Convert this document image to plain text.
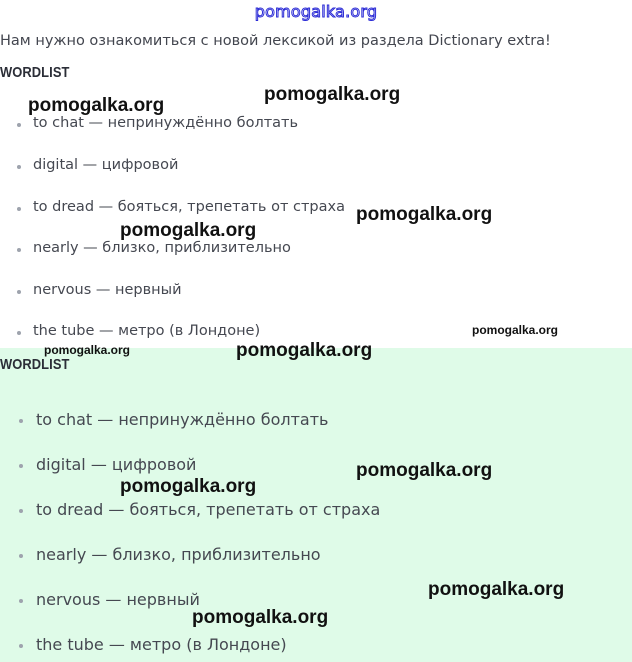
pomogalka.org
Нам нужно ознакомиться с новой лексикой из раздела Dictionary extra!
WORDLIST
to chat — непринуждённо болтать
digital — цифровой
to dread — бояться, трепетать от страха
nearly — близко, приблизительно
nervous — нервный
the tube — метро (в Лондоне)
WORDLIST
to chat — непринуждённо болтать
digital — цифровой
to dread — бояться, трепетать от страха
nearly — близко, приблизительно
nervous — нервный
the tube — метро (в Лондоне)
pomogalka.org
pomogalka.org
pomogalka.org
pomogalka.org
pomogalka.org
pomogalka.org	pomogalka.org
pomogalka.org
pomogalka.org
pomogalka.org
pomogalka.org
